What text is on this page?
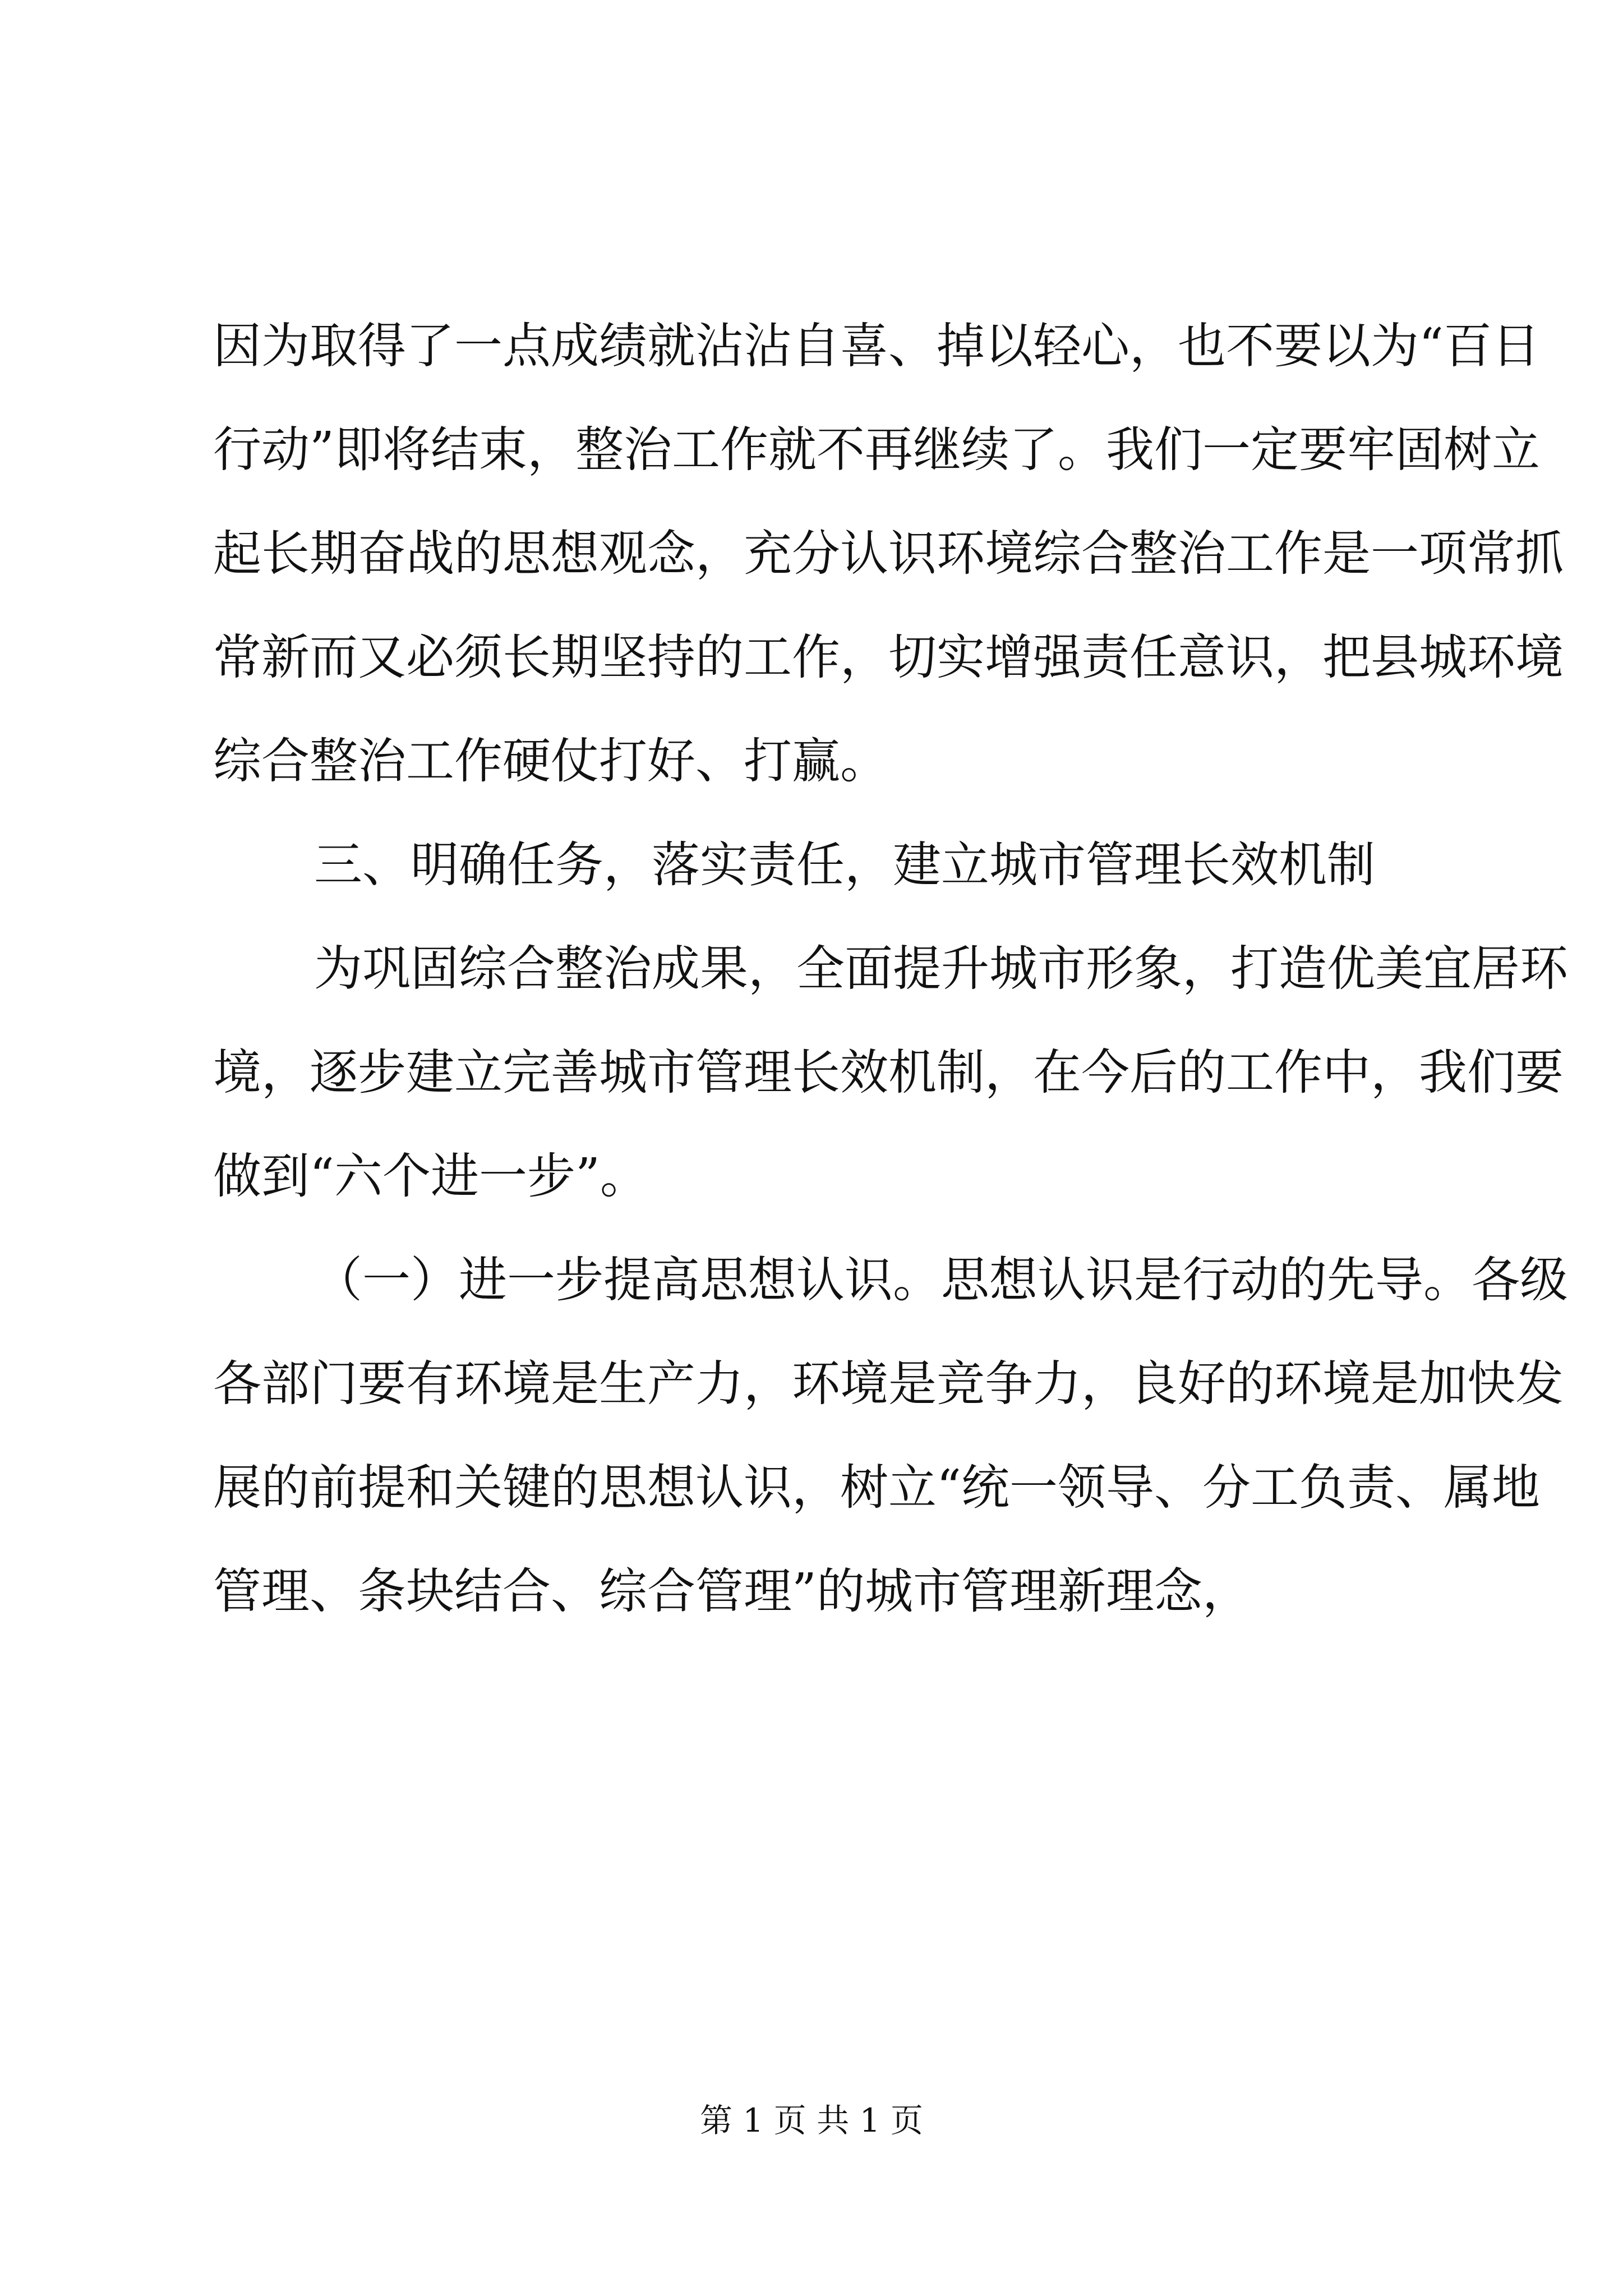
因为取得了一点成绩就沾沾自喜、掉以轻心，也不要以为“百日
行动”即将结束，整治工作就不再继续了。我们一定要牢固树立
起长期奋战的思想观念，充分认识环境综合整治工作是一项常抓
常新而又必须长期坚持的工作，切实增强责任意识，把县城环境
综合整治工作硬仗打好、打赢。
三、明确任务，落实责任，建立城市管理长效机制
为巩固综合整治成果，全面提升城市形象，打造优美宜居环
境，逐步建立完善城市管理长效机制，在今后的工作中，我们要
做到“六个进一步”。
（一）进一步提高思想认识。思想认识是行动的先导。各级
各部门要有环境是生产力，环境是竞争力，良好的环境是加快发
展的前提和关键的思想认识，树立“统一领导、分工负责、属地
管理、条块结合、综合管理”的城市管理新理念，
第 1 页 共 1 页
